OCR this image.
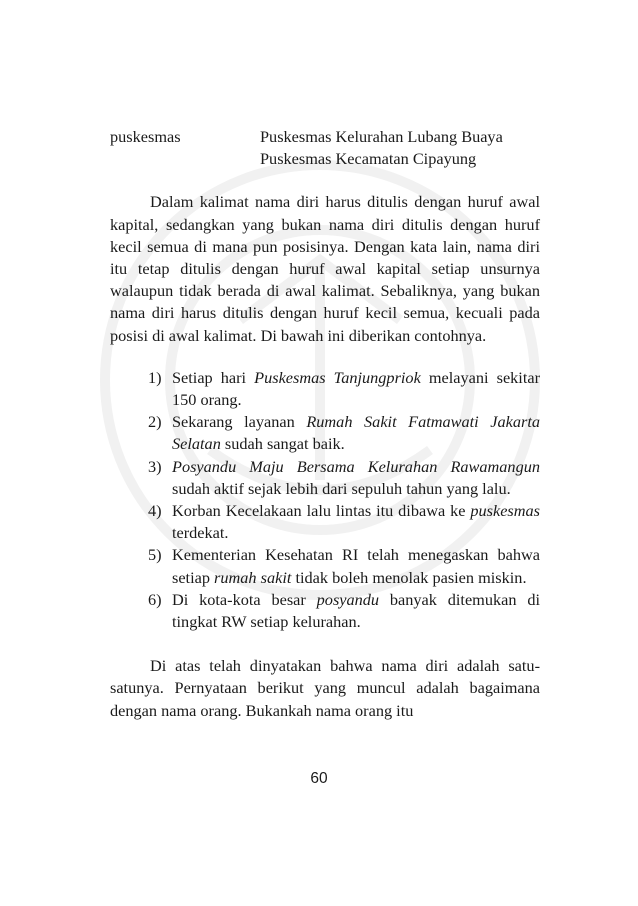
puskesmas	Puskesmas Kelurahan Lubang Buaya
Puskesmas Kecamatan Cipayung

Dalam kalimat nama diri harus ditulis dengan huruf awal kapital, sedangkan yang bukan nama diri ditulis dengan huruf kecil semua di mana pun posisinya. Dengan kata lain, nama diri itu tetap ditulis dengan huruf awal kapital setiap unsurnya walaupun tidak berada di awal kalimat. Sebaliknya, yang bukan nama diri harus ditulis dengan huruf kecil semua, kecuali pada posisi di awal kalimat. Di bawah ini diberikan contohnya.

1) Setiap hari Puskesmas Tanjungpriok melayani sekitar 150 orang.
2) Sekarang layanan Rumah Sakit Fatmawati Jakarta Selatan sudah sangat baik.
3) Posyandu Maju Bersama Kelurahan Rawamangun sudah aktif sejak lebih dari sepuluh tahun yang lalu.
4) Korban Kecelakaan lalu lintas itu dibawa ke puskesmas terdekat.
5) Kementerian Kesehatan RI telah menegaskan bahwa setiap rumah sakit tidak boleh menolak pasien miskin.
6) Di kota-kota besar posyandu banyak ditemukan di tingkat RW setiap kelurahan.

Di atas telah dinyatakan bahwa nama diri adalah satu-satunya. Pernyataan berikut yang muncul adalah bagaimana dengan nama orang. Bukankah nama orang itu

60
